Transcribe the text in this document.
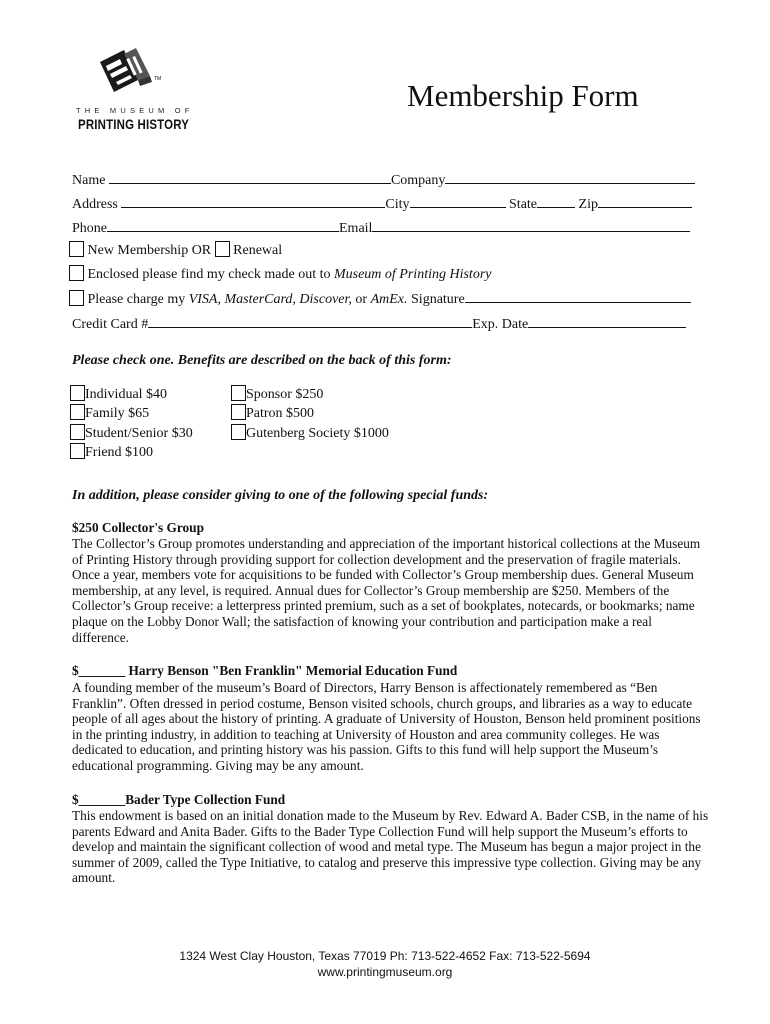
TM
THE MUSEUM OF
PRINTING HISTORY
Membership Form
Name	Company
Address	City	State	Zip
Phone	Email
New Membership OR Renewal
Enclosed please find my check made out to Museum of Printing History
Please charge my VISA, MasterCard, Discover, or AmEx. Signature
Credit Card #	Exp. Date
Please check one. Benefits are described on the back of this form:
Individual $40
Family $65
Student/Senior $30
Friend $100
Sponsor $250
Patron $500
Gutenberg Society $1000
In addition, please consider giving to one of the following special funds:
$250 Collector's Group
The Collector’s Group promotes understanding and appreciation of the important historical collections at the Museum of Printing History through providing support for collection development and the preservation of fragile materials. Once a year, members vote for acquisitions to be funded with Collector’s Group membership dues. General Museum membership, at any level, is required. Annual dues for Collector’s Group membership are $250. Members of the Collector’s Group receive: a letterpress printed premium, such as a set of bookplates, notecards, or bookmarks; name plaque on the Lobby Donor Wall; the satisfaction of knowing your contribution and participation make a real difference.
$_______ Harry Benson "Ben Franklin" Memorial Education Fund
A founding member of the museum’s Board of Directors, Harry Benson is affectionately remembered as “Ben Franklin”. Often dressed in period costume, Benson visited schools, church groups, and libraries as a way to educate people of all ages about the history of printing. A graduate of University of Houston, Benson held prominent positions in the printing industry, in addition to teaching at University of Houston and area community colleges. He was dedicated to education, and printing history was his passion. Gifts to this fund will help support the Museum’s educational programming. Giving may be any amount.
$_______Bader Type Collection Fund
This endowment is based on an initial donation made to the Museum by Rev. Edward A. Bader CSB, in the name of his parents Edward and Anita Bader. Gifts to the Bader Type Collection Fund will help support the Museum’s efforts to develop and maintain the significant collection of wood and metal type. The Museum has begun a major project in the summer of 2009, called the Type Initiative, to catalog and preserve this impressive type collection. Giving may be any amount.
1324 West Clay Houston, Texas 77019 Ph: 713-522-4652 Fax: 713-522-5694
www.printingmuseum.org
